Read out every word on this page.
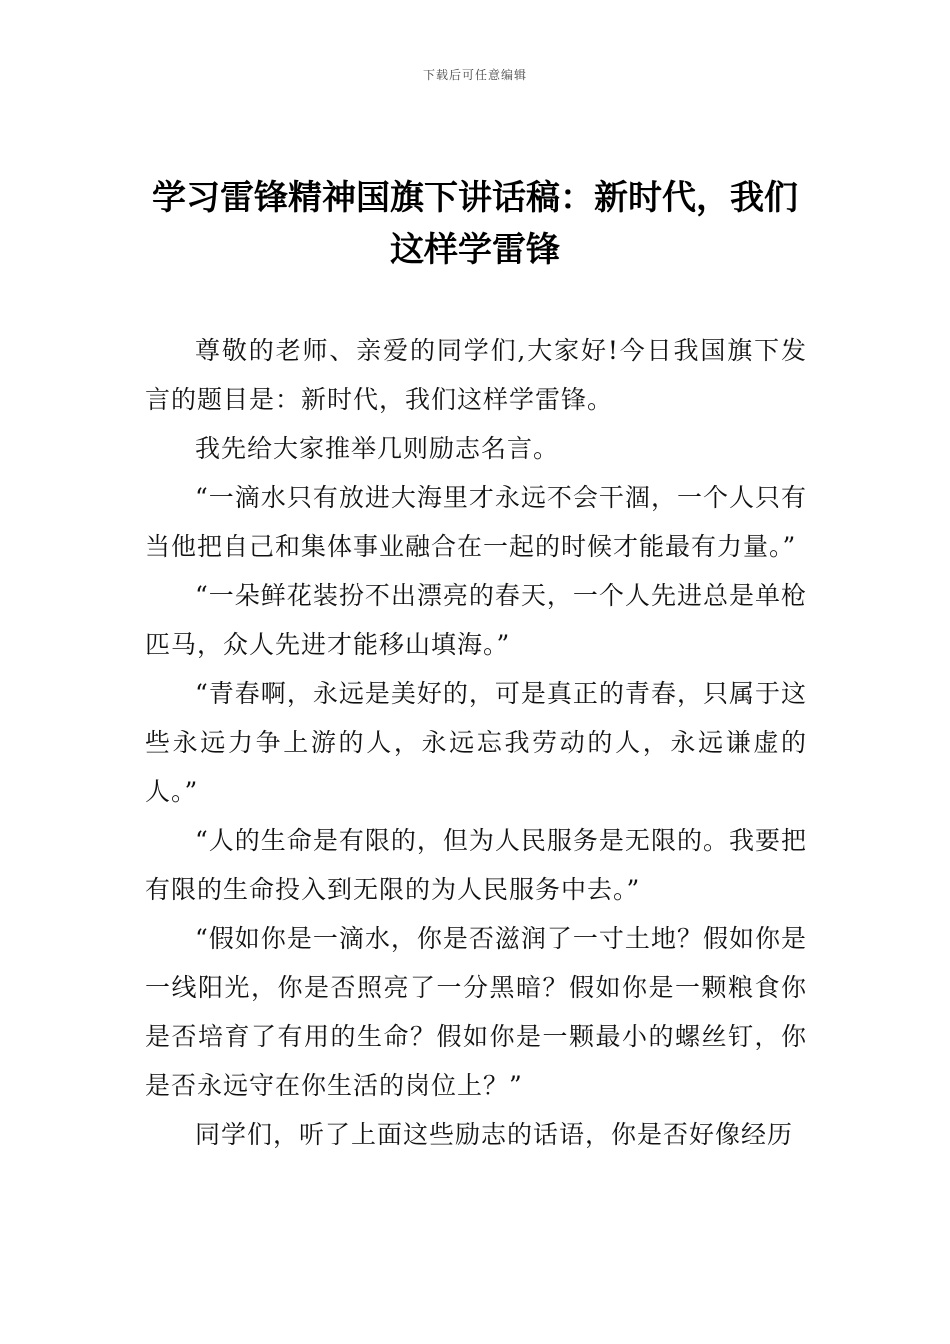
下载后可任意编辑
学习雷锋精神国旗下讲话稿：新时代，我们这样学雷锋

尊敬的老师、亲爱的同学们,大家好!今日我国旗下发言的题目是：新时代，我们这样学雷锋。

我先给大家推举几则励志名言。

“一滴水只有放进大海里才永远不会干涸，一个人只有当他把自己和集体事业融合在一起的时候才能最有力量。”

“一朵鲜花装扮不出漂亮的春天，一个人先进总是单枪匹马，众人先进才能移山填海。”

“青春啊，永远是美好的，可是真正的青春，只属于这些永远力争上游的人，永远忘我劳动的人，永远谦虚的人。”

“人的生命是有限的，但为人民服务是无限的。我要把有限的生命投入到无限的为人民服务中去。”

“假如你是一滴水，你是否滋润了一寸土地？假如你是一线阳光，你是否照亮了一分黑暗？假如你是一颗粮食你是否培育了有用的生命？假如你是一颗最小的螺丝钉，你是否永远守在你生活的岗位上？”

同学们，听了上面这些励志的话语，你是否好像经历
